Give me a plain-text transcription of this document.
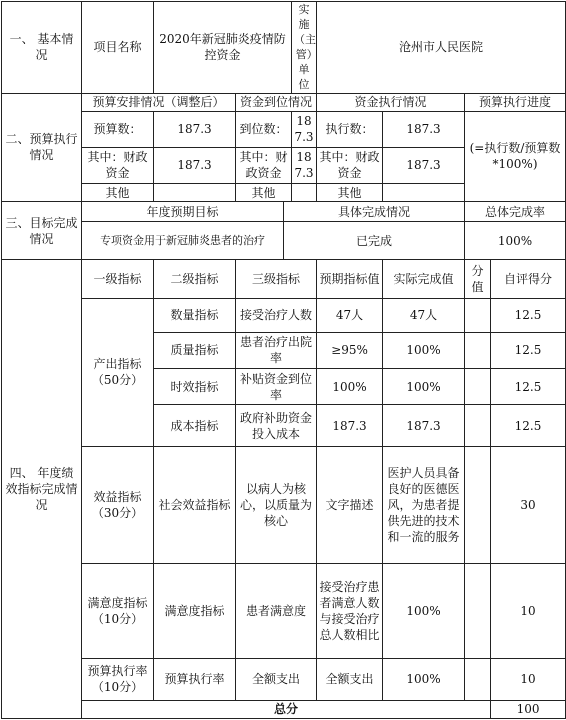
一、 基本情况	项目名称	2020年新冠肺炎疫情防控资金			实施（主管）单位	沧州市人民医院			
二、预算执行情况	预算安排情况（调整后）		资金到位情况			资金执行情况		预算执行进度	
	预算数：	187.3	到位数：		187.3	执行数：	187.3	(=执行数/预算数*100%)	
	其中：财政资金	187.3	其中：财政资金		187.3	其中：财政资金	187.3		
	其他		其他			其他			
三、目标完成情况	年度预期目标			具体完成情况				总体完成率	
	专项资金用于新冠肺炎患者的治疗			已完成				100%	
四、 年度绩效指标完成情况	一级指标	二级指标	三级指标			预期指标值	实际完成值	分值	自评得分
	产出指标（50分）	数量指标	接受治疗人数			47人	47人		12.5
		质量指标	患者治疗出院率			≥95%	100%		12.5
		时效指标	补贴资金到位率			100%	100%		12.5
		成本指标	政府补助资金投入成本			187.3	187.3		12.5
	效益指标（30分）	社会效益指标	以病人为核心，以质量为核心			文字描述	医护人员具备良好的医德医风，为患者提供先进的技术和一流的服务		30
	满意度指标（10分）	满意度指标	患者满意度			接受治疗患者满意人数与接受治疗总人数相比	100%		10
	预算执行率（10分）	预算执行率	全额支出			全额支出	100%		10
	总分								100
